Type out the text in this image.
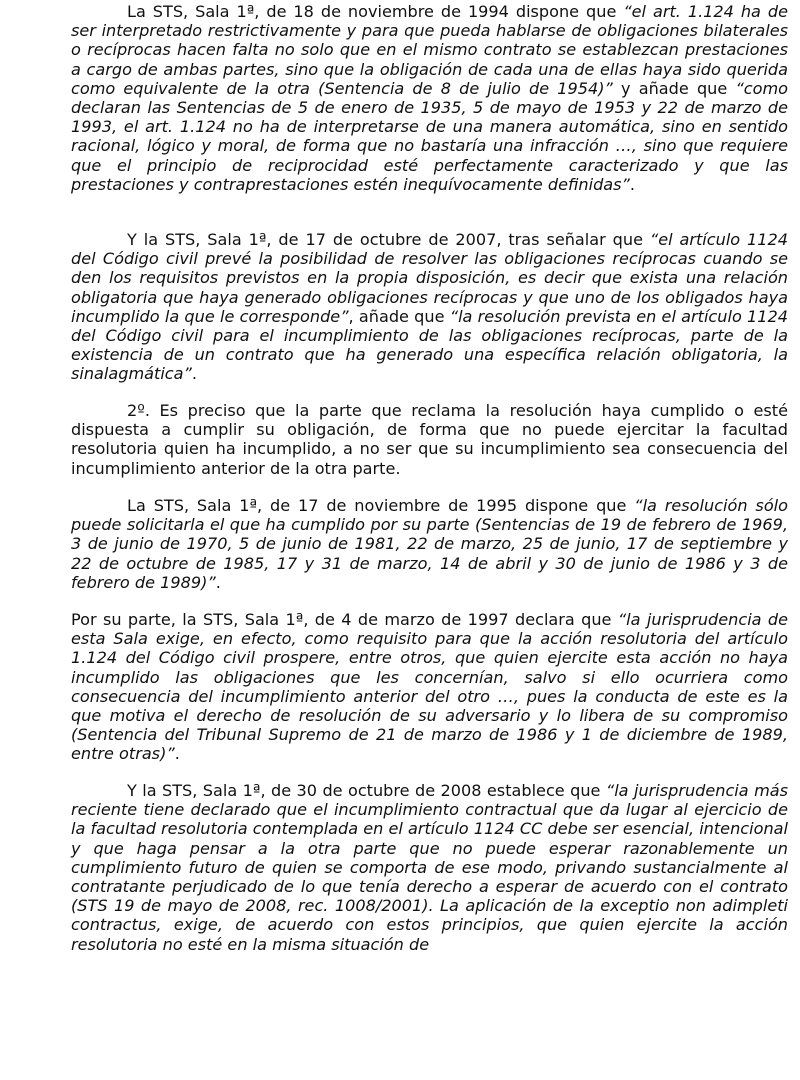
La STS, Sala 1ª, de 18 de noviembre de 1994 dispone que “el art. 1.124 ha de ser interpretado restrictivamente y para que pueda hablarse de obligaciones bilaterales o recíprocas hacen falta no solo que en el mismo contrato se establezcan prestaciones a cargo de ambas partes, sino que la obligación de cada una de ellas haya sido querida como equivalente de la otra (Sentencia de 8 de julio de 1954)” y añade que “como declaran las Sentencias de 5 de enero de 1935, 5 de mayo de 1953 y 22 de marzo de 1993, el art. 1.124 no ha de interpretarse de una manera automática, sino en sentido racional, lógico y moral, de forma que no bastaría una infracción …, sino que requiere que el principio de reciprocidad esté perfectamente caracterizado y que las prestaciones y contraprestaciones estén inequívocamente definidas”.

Y la STS, Sala 1ª, de 17 de octubre de 2007, tras señalar que “el artículo 1124 del Código civil prevé la posibilidad de resolver las obligaciones recíprocas cuando se den los requisitos previstos en la propia disposición, es decir que exista una relación obligatoria que haya generado obligaciones recíprocas y que uno de los obligados haya incumplido la que le corresponde”, añade que “la resolución prevista en el artículo 1124 del Código civil para el incumplimiento de las obligaciones recíprocas, parte de la existencia de un contrato que ha generado una específica relación obligatoria, la sinalagmática”.

2º. Es preciso que la parte que reclama la resolución haya cumplido o esté dispuesta a cumplir su obligación, de forma que no puede ejercitar la facultad resolutoria quien ha incumplido, a no ser que su incumplimiento sea consecuencia del incumplimiento anterior de la otra parte.

La STS, Sala 1ª, de 17 de noviembre de 1995 dispone que “la resolución sólo puede solicitarla el que ha cumplido por su parte (Sentencias de 19 de febrero de 1969, 3 de junio de 1970, 5 de junio de 1981, 22 de marzo, 25 de junio, 17 de septiembre y 22 de octubre de 1985, 17 y 31 de marzo, 14 de abril y 30 de junio de 1986 y 3 de febrero de 1989)”.

Por su parte, la STS, Sala 1ª, de 4 de marzo de 1997 declara que “la jurisprudencia de esta Sala exige, en efecto, como requisito para que la acción resolutoria del artículo 1.124 del Código civil prospere, entre otros, que quien ejercite esta acción no haya incumplido las obligaciones que les concernían, salvo si ello ocurriera como consecuencia del incumplimiento anterior del otro …, pues la conducta de este es la que motiva el derecho de resolución de su adversario y lo libera de su compromiso (Sentencia del Tribunal Supremo de 21 de marzo de 1986 y 1 de diciembre de 1989, entre otras)”.

Y la STS, Sala 1ª, de 30 de octubre de 2008 establece que “la jurisprudencia más reciente tiene declarado que el incumplimiento contractual que da lugar al ejercicio de la facultad resolutoria contemplada en el artículo 1124 CC debe ser esencial, intencional y que haga pensar a la otra parte que no puede esperar razonablemente un cumplimiento futuro de quien se comporta de ese modo, privando sustancialmente al contratante perjudicado de lo que tenía derecho a esperar de acuerdo con el contrato (STS 19 de mayo de 2008, rec. 1008/2001). La aplicación de la exceptio non adimpleti contractus, exige, de acuerdo con estos principios, que quien ejercite la acción resolutoria no esté en la misma situación de
